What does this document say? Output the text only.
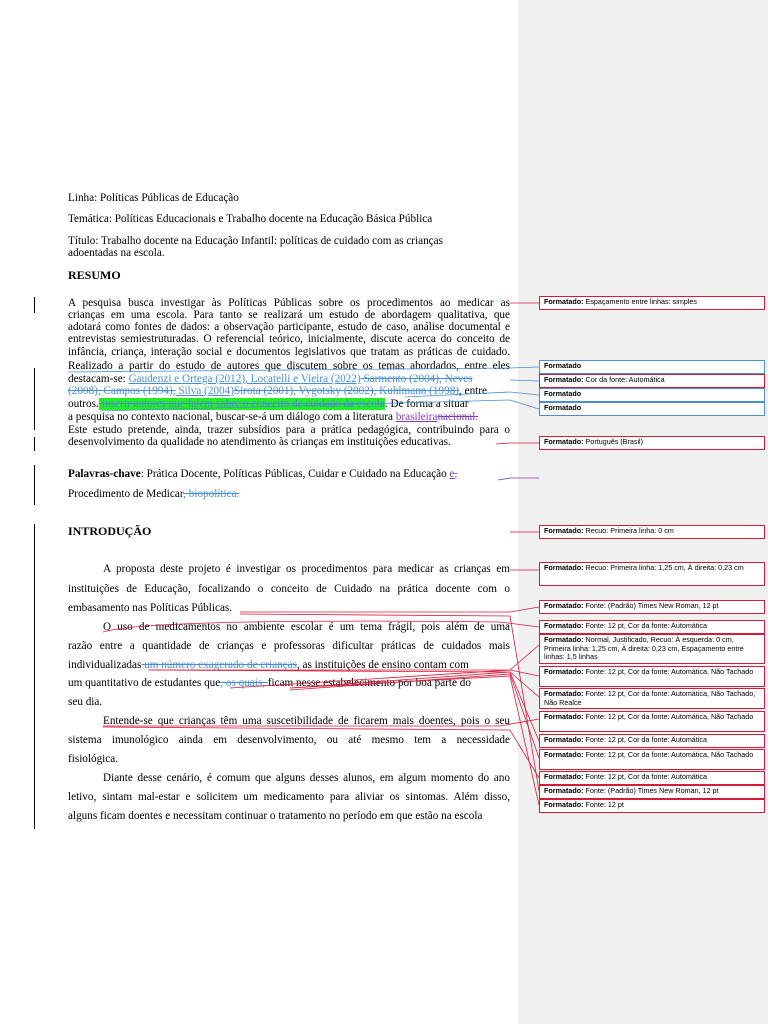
Linha: Políticas Públicas de Educação
Temática: Políticas Educacionais e Trabalho docente na Educação Básica Pública
Título: Trabalho docente na Educação Infantil: políticas de cuidado com as crianças
adoentadas na escola.
RESUMO
A pesquisa busca investigar às Políticas Públicas sobre os procedimentos ao medicar as
crianças em uma escola. Para tanto se realizará um estudo de abordagem qualitativa, que
adotará como fontes de dados: a observação participante, estudo de caso, análise documental e
entrevistas semiestruturadas. O referencial teórico, inicialmente, discute acerca do conceito de
infância, criança, interação social e documentos legislativos que tratam as práticas de cuidado.
Realizado a partir do estudo de autores que discutem sobre os temas abordados, entre eles
destacam-se: Gaudenzi e Ortega (2012), Locatelli e Vieira (2022) Sarmento (2004), Neves
(2008), Campos (1994), Silva (2004)Sirota (2001), Vygotsky (2002), Kuhlmann (1998), entre
outros. Inserir autores que falem sobre o conceito de cuidado da escola. De forma a situar
a pesquisa no contexto nacional, buscar-se-á um diálogo com a literatura brasileiranacional.
Este estudo pretende, ainda, trazer subsídios para a prática pedagógica, contribuindo para o
desenvolvimento da qualidade no atendimento às crianças em instituições educativas.
Palavras-chave: Prática Docente, Políticas Públicas, Cuidar e Cuidado na Educação e,
Procedimento de Medicar, biopolítica.
INTRODUÇÃO
A proposta deste projeto é investigar os procedimentos para medicar as crianças em
instituições de Educação, focalizando o conceito de Cuidado na prática docente com o
embasamento nas Políticas Públicas.
O uso de medicamentos no ambiente escolar é um tema frágil, pois além de uma
razão entre a quantidade de crianças e professoras dificultar práticas de cuidados mais
individualizadas um número exagerado de crianças, as instituições de ensino contam com
um quantitativo de estudantes que, os quais, ficam nesse estabelecimento por boa parte do
seu dia.
Entende-se que crianças têm uma suscetibilidade de ficarem mais doentes, pois o seu
sistema imunológico ainda em desenvolvimento, ou até mesmo tem a necessidade
fisiológica.
Diante desse cenário, é comum que alguns desses alunos, em algum momento do ano
letivo, sintam mal-estar e solicitem um medicamento para aliviar os sintomas. Além disso,
alguns ficam doentes e necessitam continuar o tratamento no período em que estão na escola
Formatado: Espaçamento entre linhas: simples
Formatado
Formatado: Cor da fonte: Automática
Formatado
Formatado
Formatado: Português (Brasil)
Formatado: Recuo: Primeira linha: 0 cm
Formatado: Recuo: Primeira linha: 1,25 cm, À direita: 0,23 cm
Formatado: Fonte: (Padrão) Times New Roman, 12 pt
Formatado: Fonte: 12 pt, Cor da fonte: Automática
Formatado: Normal, Justificado, Recuo: À esquerda: 0 cm, Primeira linha: 1,25 cm, À direita: 0,23 cm, Espaçamento entre linhas: 1,5 linhas
Formatado: Fonte: 12 pt, Cor da fonte: Automática, Não Tachado
Formatado: Fonte: 12 pt, Cor da fonte: Automática, Não Tachado, Não Realce
Formatado: Fonte: 12 pt, Cor da fonte: Automática, Não Tachado
Formatado: Fonte: 12 pt, Cor da fonte: Automática
Formatado: Fonte: 12 pt, Cor da fonte: Automática, Não Tachado
Formatado: Fonte: 12 pt, Cor da fonte: Automática
Formatado: Fonte: (Padrão) Times New Roman, 12 pt
Formatado: Fonte: 12 pt
